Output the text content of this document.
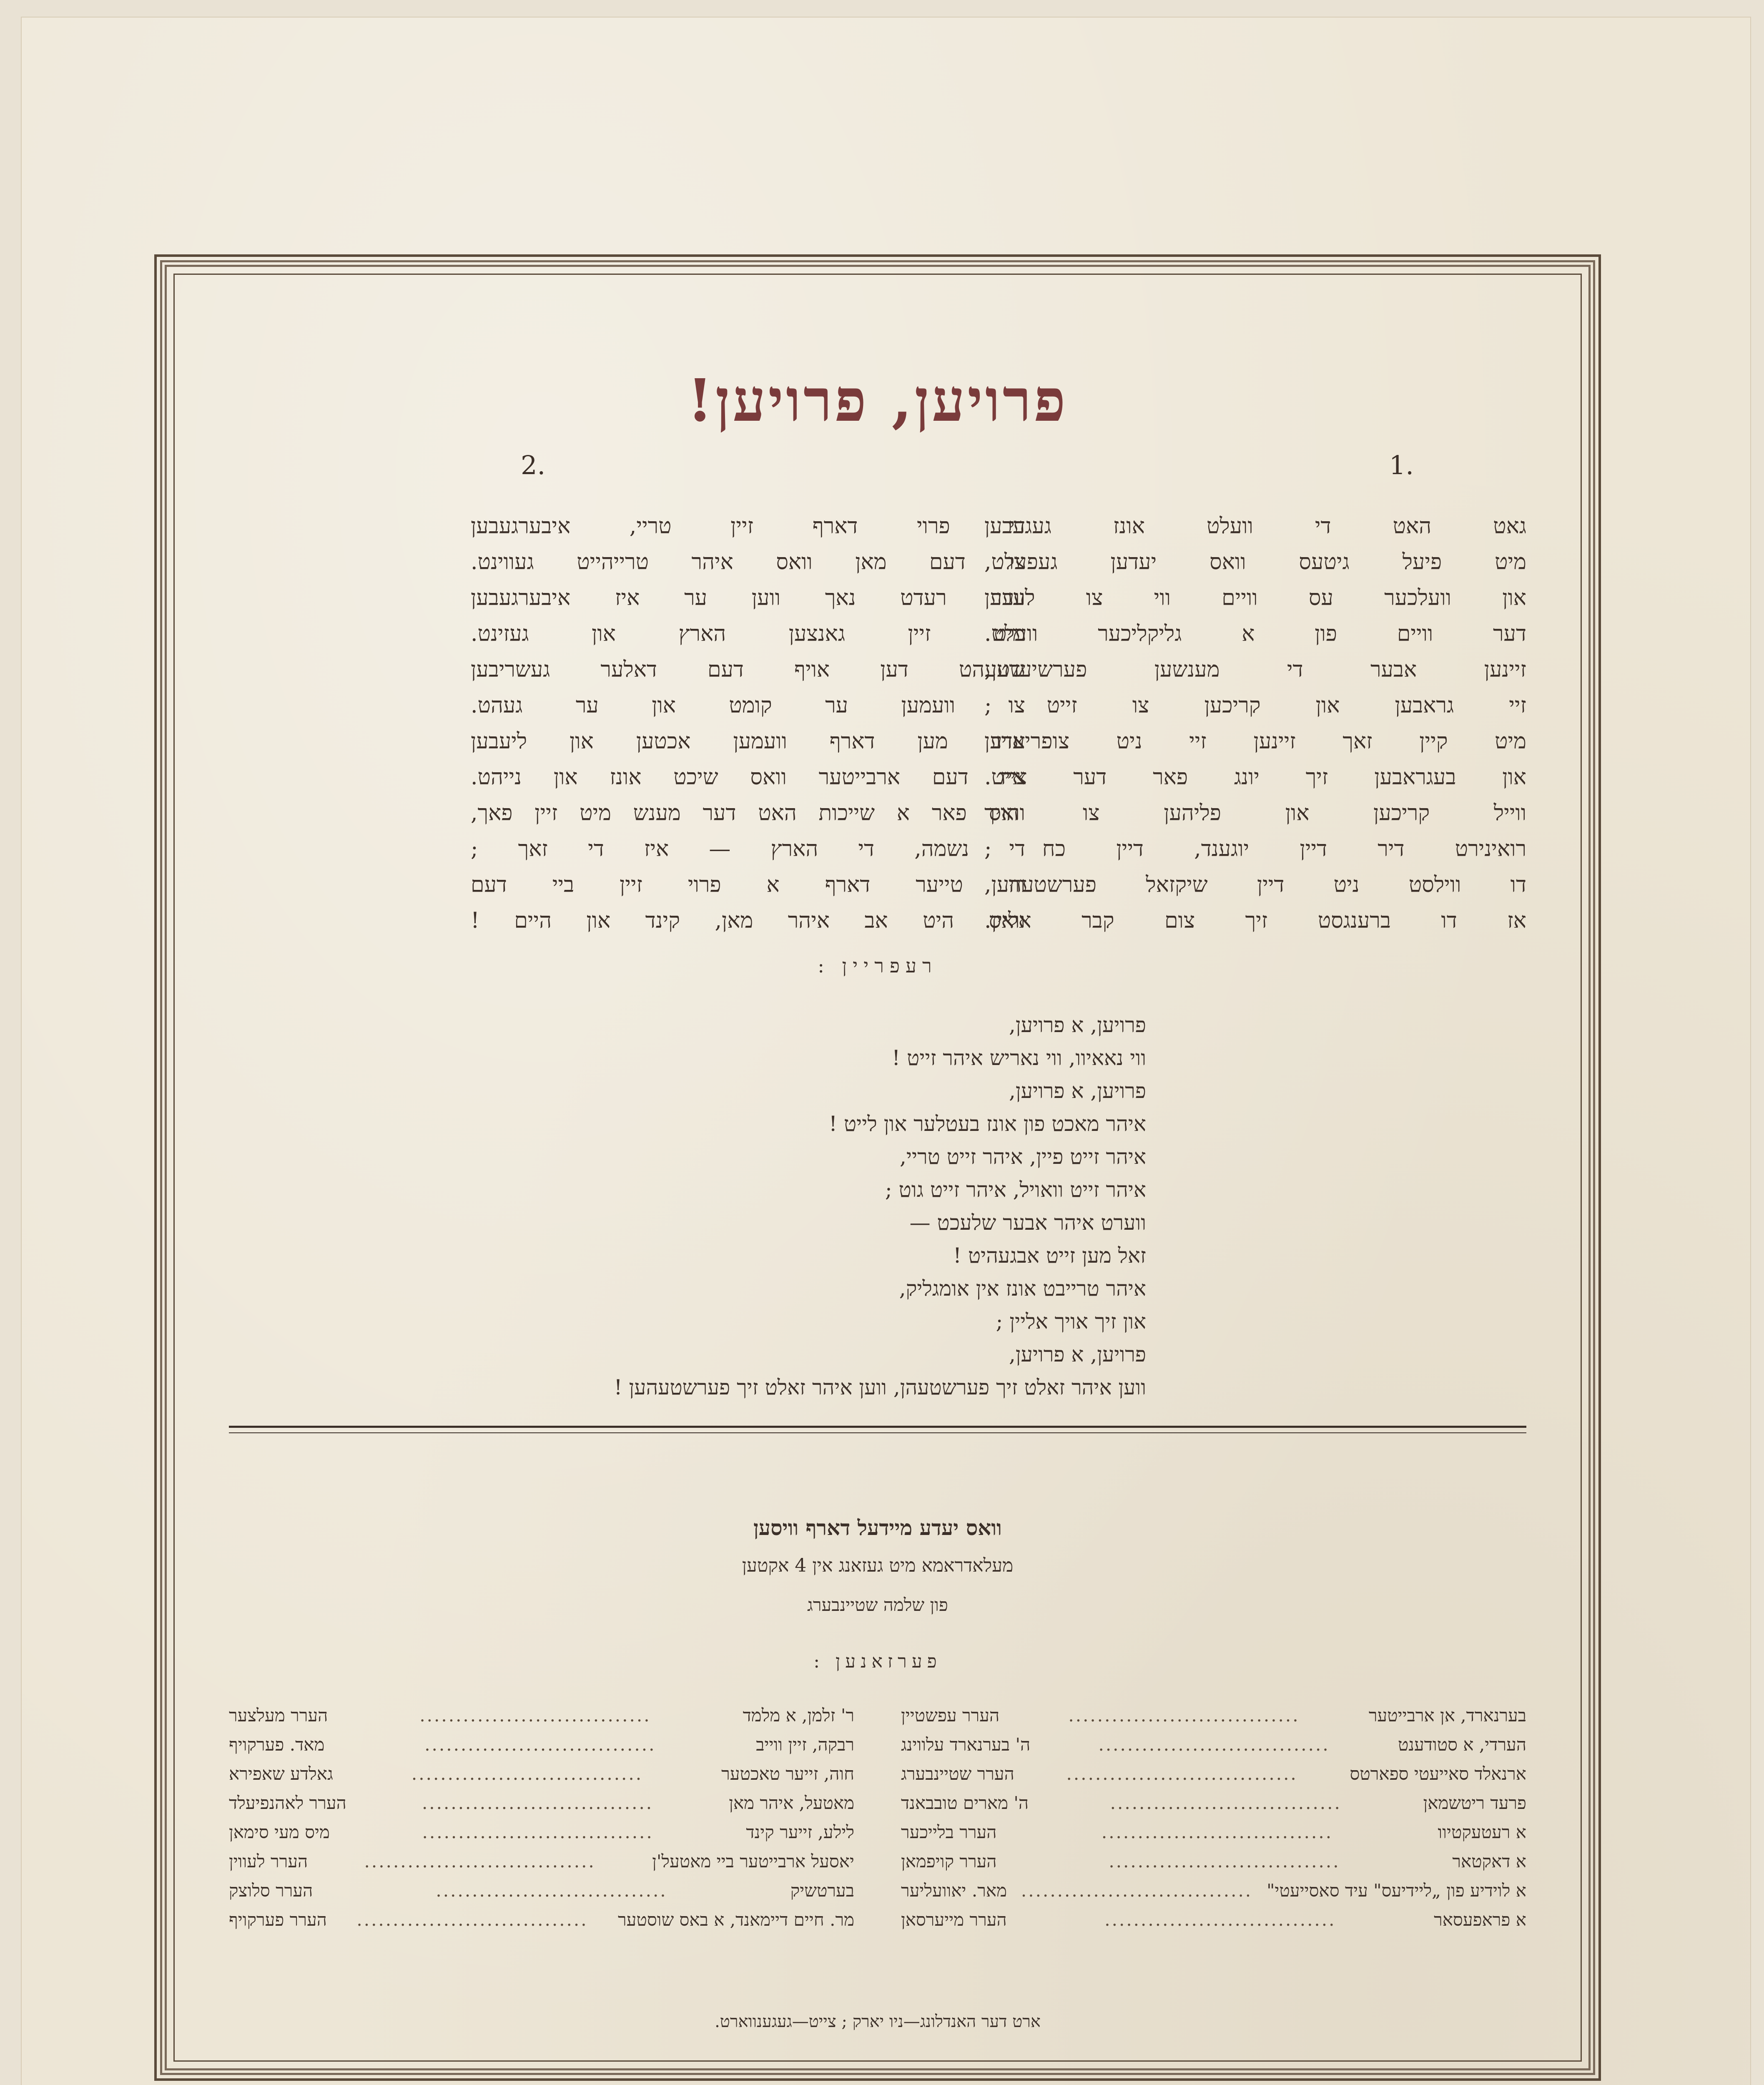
פרויען, פרויען!
2.	1.
גאט האט די וועלט אונז געגעבען
מיט פיעל גיטעס וואס יעדען געפעלט,
און וועלכער עס וויים ווי צו לעבען
דער וויים פון א גליקליכער וועלט.
זיינען אבער די מענשען פערשיעדען,
זיי גראבען און קריכען צו זייט ;
מיט קיין זאך זיינען זיי ניט צופריעדען
און בעגראבען זיך יונג פאר דער צייט.
ווייל קריכען און פליהען צו הויך
רואינירט דיר דיין יוגענד, דיין כח ;
דו ווילסט ניט דיין שיקזאל פערשטעהען,
אז דו ברענגסט זיך צום קבר אליין.
די פרוי דארף זיין טריי, איבערגעבען
צו דעם מאן וואס איהר טרייהייט געווינט.
ווער רעדט נאך ווען ער איז איבערגעבען
מיט זיין גאנצען הארץ און געזינט.
שטעהט דען אויף דעם דאלער געשריבען
צו וועמען ער קומט און ער געהט.
אויב מען דארף וועמען אכטען און ליעבען
איז דעם ארבייטער וואס שיכט אונז און נייהט.
וואס פאר א שייכות האט דער מענש מיט זיין פאך,
די נשמה, די הארץ — איז די זאך ;
ווי טייער דארף א פרוי זיין ביי דעם
וואס היט אב איהר מאן, קינד און היים !
רעפריין :
פרויען, א פרויען,
ווי נאאיוו, ווי נאריש איהר זייט !
פרויען, א פרויען,
איהר מאכט פון אונז בעטלער און לייט !
איהר זייט פיין, איהר זייט טריי,
איהר זייט וואויל, איהר זייט גוט ;
ווערט איהר אבער שלעכט —
זאל מען זייט אבגעהיט !
איהר טרייבט אונז אין אומגליק,
און זיך אויך אליין ;
פרויען, א פרויען,
ווען איהר זאלט זיך פערשטעהן, ווען איהר זאלט זיך פערשטעהען !
וואס יעדע מיידעל דארף וויסען
מעלאדראמא מיט געזאנג אין 4 אקטען
פון שלמה שטיינבערג
פערזאנען :
בערנארד, אן ארבייטער
................................
הערר עפשטיין
הערדי, א סטודענט
................................
ה' בערנארד עלווינג
ארנאלד סאייעטי ספארטס
................................
הערר שטיינבערג
פרעד ריטשמאן
................................
ה' מארים טובבאנד
א רעטעקטיוו
................................
הערר בלייכער
א דאקטאר
................................
הערר קויפמאן
א לוידיע פון „ליידיעס" עיד סאסייעטי"
................................
מאר. יאוועליער
א פראפעסאר
................................
הערר מייערסאן
ר' זלמן, א מלמד
................................
הערר מעלצער
רבקה, זיין ווייב
................................
מאד. פערקויף
חוה, זייער טאכטער
................................
גאלדע שאפירא
מאטעל, איהר מאן
................................
הערר לאהנפיעלד
לילע, זייער קינד
................................
מיס מעי סימאן
יאסעל ארבייטער ביי מאטעל'ן
................................
הערר לעווין
בערטשיק
................................
הערר סלוצק
מר. חיים דיימאנד, א באס שוסטער
................................
הערר פערקויף
ארט דער האנדלונג—ניו יארק ; צייט—געגענווארט.
